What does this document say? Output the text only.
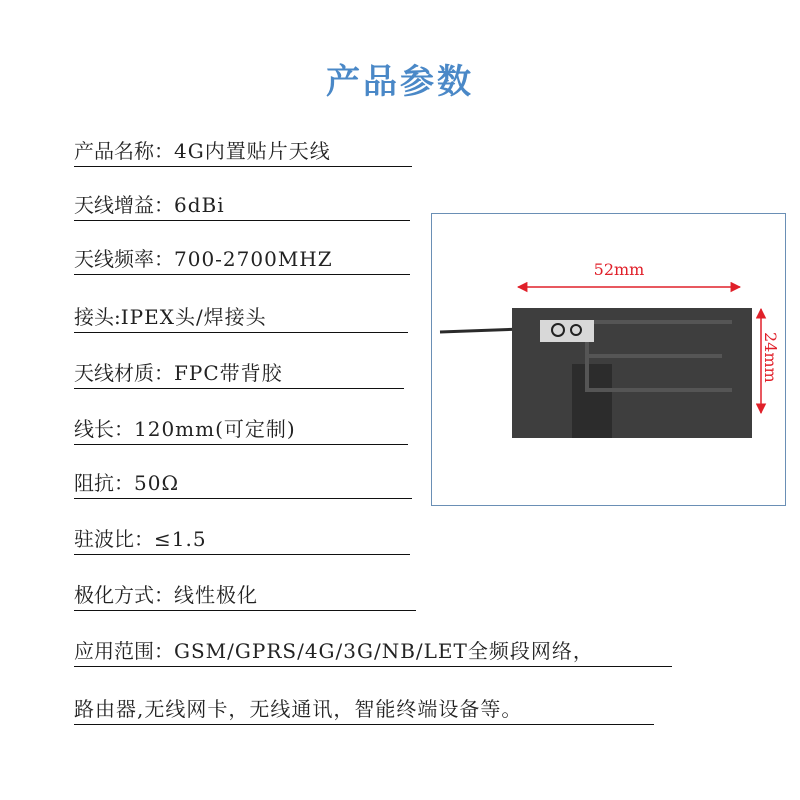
产品参数
产品名称：4G内置贴片天线
天线增益：6dBi
天线频率：700-2700MHZ
接头:IPEX头/焊接头
天线材质：FPC带背胶
线长：120mm(可定制)
阻抗：50Ω
驻波比：≤1.5
极化方式：线性极化
应用范围：GSM/GPRS/4G/3G/NB/LET全频段网络，
路由器,无线网卡，无线通讯，智能终端设备等。
52mm
24mm
